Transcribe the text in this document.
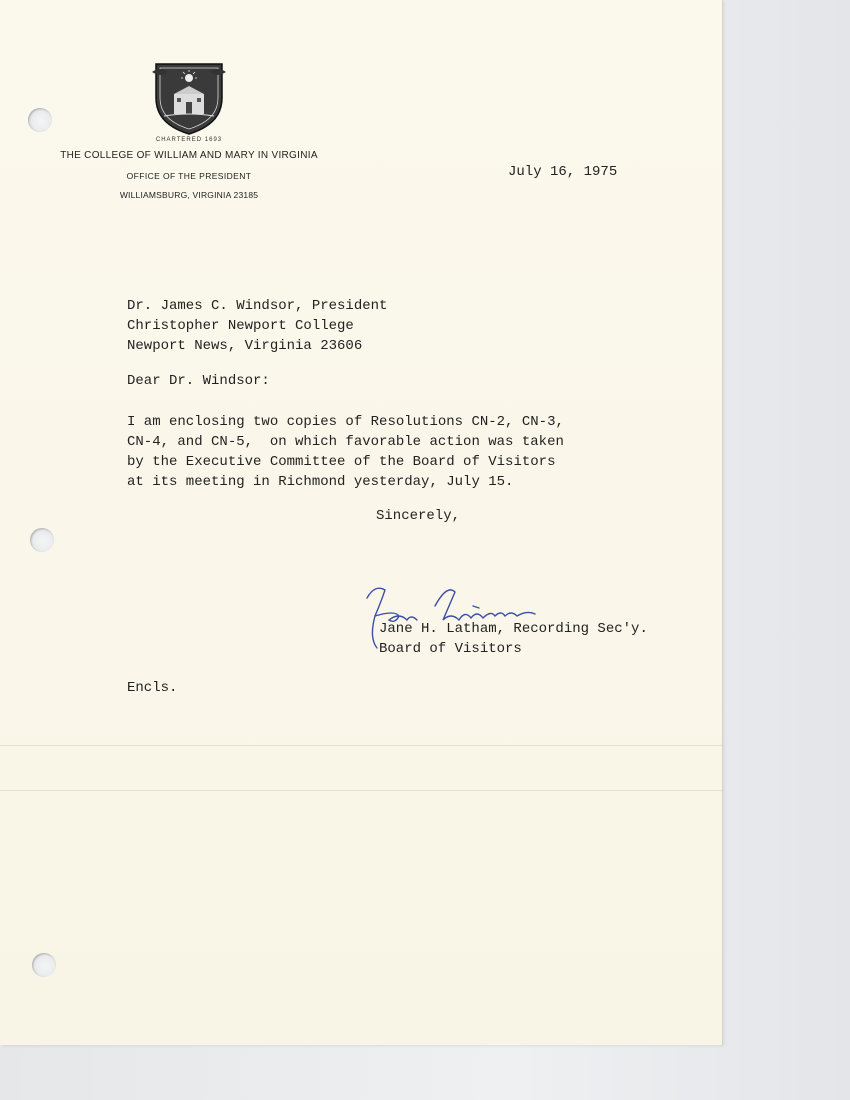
CHARTERED 1693
THE COLLEGE OF WILLIAM AND MARY IN VIRGINIA
OFFICE OF THE PRESIDENT
WILLIAMSBURG, VIRGINIA 23185
July 16, 1975
Dr. James C. Windsor, President
Christopher Newport College
Newport News, Virginia 23606
Dear Dr. Windsor:
I am enclosing two copies of Resolutions CN-2, CN-3,
CN-4, and CN-5,  on which favorable action was taken
by the Executive Committee of the Board of Visitors
at its meeting in Richmond yesterday, July 15.
Sincerely,
Jane H. Latham, Recording Sec'y.
Board of Visitors
Encls.
